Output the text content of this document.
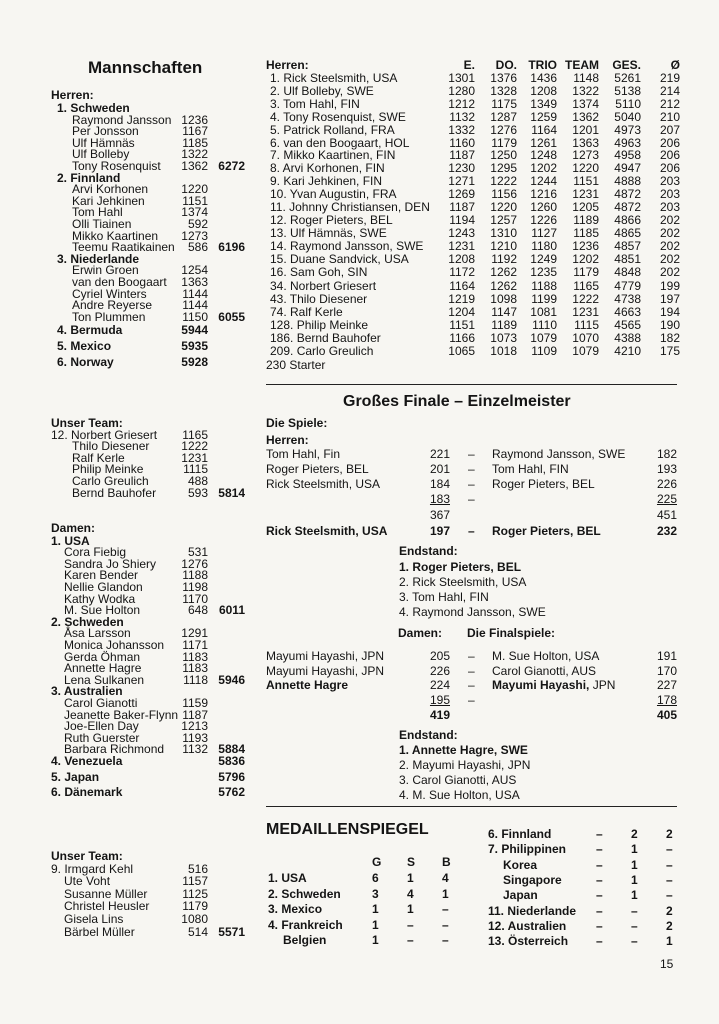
Mannschaften
Herren:
1. Schweden
Raymond Jansson 1236
Per Jonsson	1167
Ulf Hämnäs	1185
Ulf Bolleby	1322
Tony Rosenquist	1362 6272
2. Finnland
Arvi Korhonen	1220
Kari Jehkinen	1151
Tom Hahl	1374
Olli Tiainen	592
Mikko Kaartinen	1273
Teemu Raatikainen	586 6196
3. Niederlande
Erwin Groen	1254
van den Boogaart	1363
Cyriel Winters	1144
Andre Reyerse	1144
Ton Plummen	1150 6055
4. Bermuda	5944
5. Mexico	5935
6. Norway	5928
Unser Team:
12. Norbert Griesert	1165
Thilo Diesener	1222
Ralf Kerle	1231
Philip Meinke	1115
Carlo Greulich	488
Bernd Bauhofer	593 5814
Damen:
1. USA
Cora Fiebig	531
Sandra Jo Shiery	1276
Karen Bender	1188
Nellie Glandon	1198
Kathy Wodka	1170
M. Sue Holton	648 6011
2. Schweden
Åsa Larsson	1291
Monica Johansson	1171
Gerda Öhman	1183
Annette Hagre	1183
Lena Sulkanen	1118 5946
3. Australien
Carol Gianotti	1159
Jeanette Baker-Flynn 1187
Joe-Ellen Day	1213
Ruth Guerster	1193
Barbara Richmond	1132 5884
4. Venezuela	5836
5. Japan	5796
6. Dänemark	5762
Unser Team:
9. Irmgard Kehl	516
Ute Voht	1157
Susanne Müller	1125
Christel Heusler	1179
Gisela Lins	1080
Bärbel Müller	514 5571
Herren:	E.	DO. TRIO TEAM	GES.	Ø
1. Rick Steelsmith, USA	1301	1376	1436	1148	5261	219
2. Ulf Bolleby, SWE	1280	1328	1208	1322	5138	214
3. Tom Hahl, FIN	1212	1175	1349	1374	5110	212
4. Tony Rosenquist, SWE	1132	1287	1259	1362	5040	210
5. Patrick Rolland, FRA	1332	1276	1164	1201	4973	207
6. van den Boogaart, HOL	1160	1179	1261	1363	4963	206
7. Mikko Kaartinen, FIN	1187	1250	1248	1273	4958	206
8. Arvi Korhonen, FIN	1230	1295	1202	1220	4947	206
9. Kari Jehkinen, FIN	1271	1222	1244	1151	4888	203
10. Yvan Augustin, FRA	1269	1156	1216	1231	4872	203
11. Johnny Christiansen, DEN	1187	1220	1260	1205	4872	203
12. Roger Pieters, BEL	1194	1257	1226	1189	4866	202
13. Ulf Hämnäs, SWE	1243	1310	1127	1185	4865	202
14. Raymond Jansson, SWE	1231	1210	1180	1236	4857	202
15. Duane Sandvick, USA	1208	1192	1249	1202	4851	202
16. Sam Goh, SIN	1172	1262	1235	1179	4848	202
34. Norbert Griesert	1164	1262	1188	1165	4779	199
43. Thilo Diesener	1219	1098	1199	1222	4738	197
74. Ralf Kerle	1204	1147	1081	1231	4663	194
128. Philip Meinke	1151	1189	1110	1115	4565	190
186. Bernd Bauhofer	1166	1073	1079	1070	4388	182
209. Carlo Greulich	1065	1018	1109	1079	4210	175
230 Starter
Großes Finale – Einzelmeister
Die Spiele:
Herren:
Tom Hahl, Fin	221 – Raymond Jansson, SWE	182
Roger Pieters, BEL	201 – Tom Hahl, FIN	193
Rick Steelsmith, USA	184 – Roger Pieters, BEL	226
183 –	225
367	451
Rick Steelsmith, USA	197 – Roger Pieters, BEL	232
Endstand:
1. Roger Pieters, BEL
2. Rick Steelsmith, USA
3. Tom Hahl, FIN
4. Raymond Jansson, SWE
Damen: Die Finalspiele:
Mayumi Hayashi, JPN	205 – M. Sue Holton, USA	191
Mayumi Hayashi, JPN	226 – Carol Gianotti, AUS	170
Annette Hagre	224 – Mayumi Hayashi, JPN	227
195 –	178
419	405
Endstand:
1. Annette Hagre, SWE
2. Mayumi Hayashi, JPN
3. Carol Gianotti, AUS
4. M. Sue Holton, USA
MEDAILLENSPIEGEL
G S B
1. USA	6 1 4
2. Schweden	3 4 1
3. Mexico	1 1 –
4. Frankreich 1 – –
Belgien	1 – –
6. Finnland	– 2 2
7. Philippinen – 1 –
Korea	– 1 –
Singapore	– 1 –
Japan	– 1 –
11. Niederlande – – 2
12. Australien – – 2
13. Österreich – – 1
15
